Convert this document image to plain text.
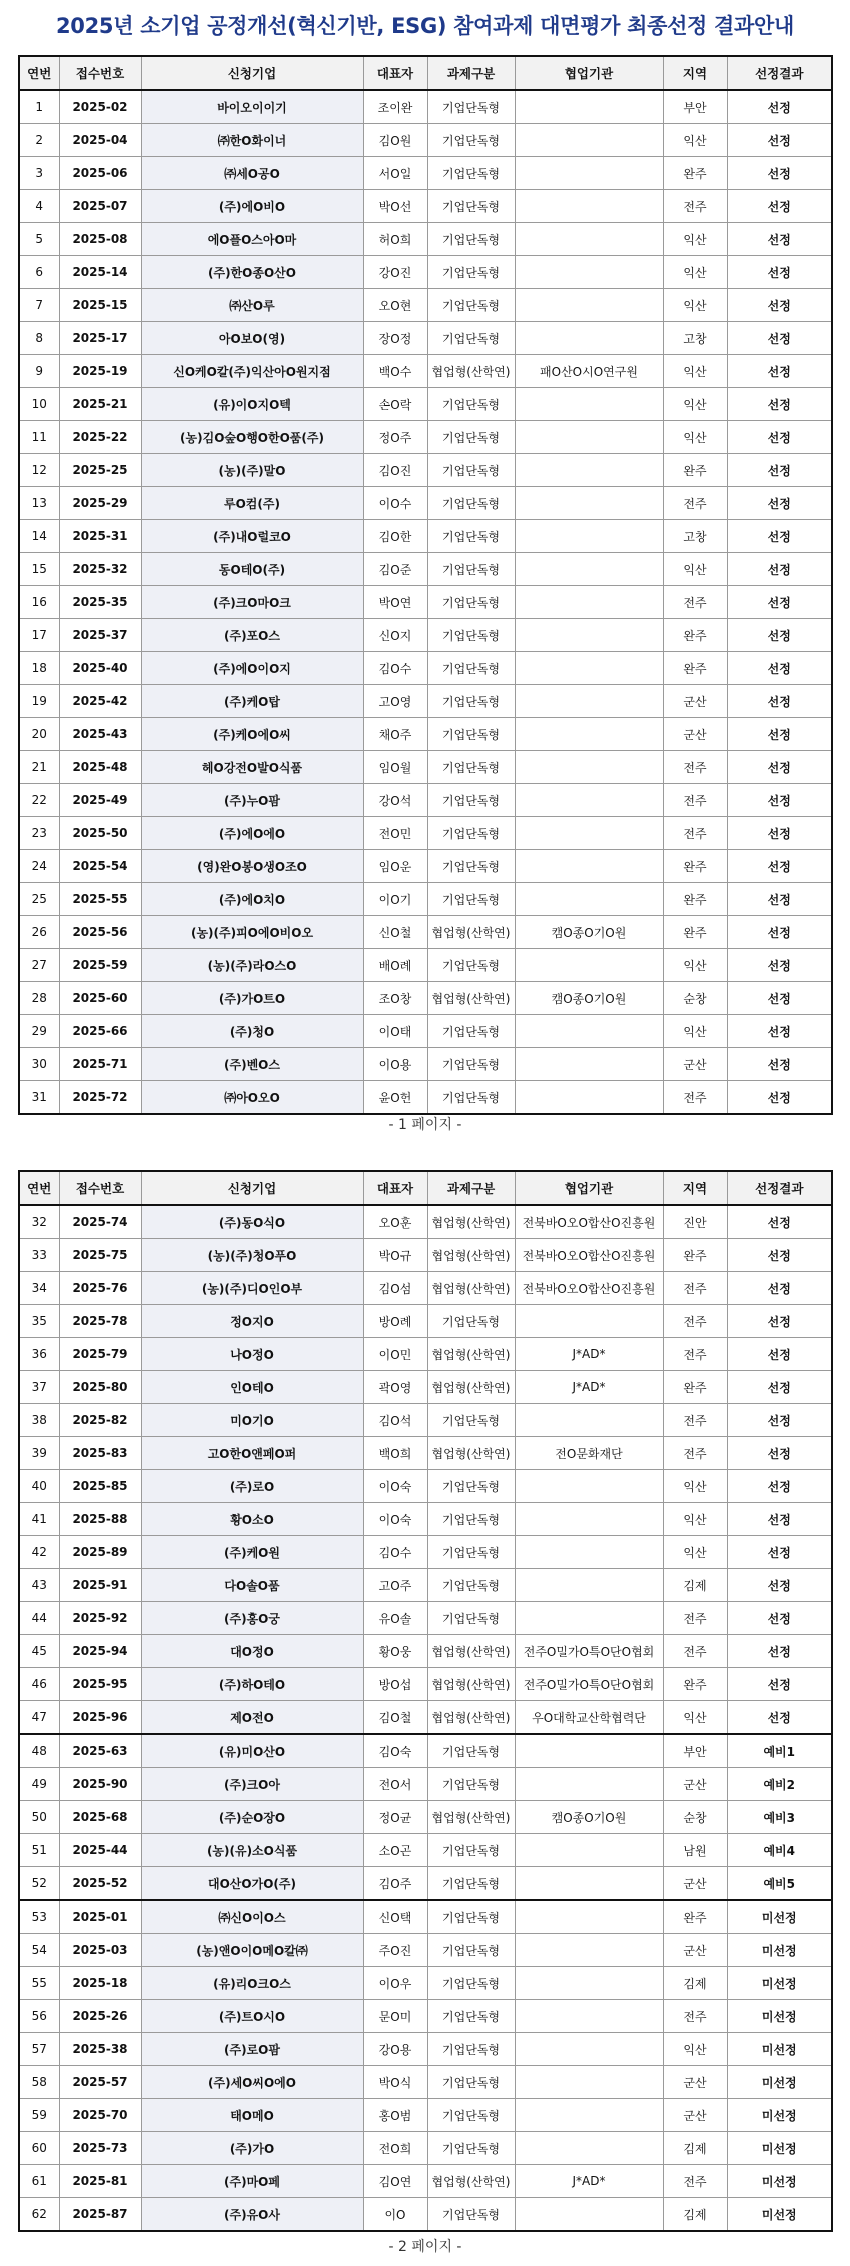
2025년 소기업 공정개선(혁신기반, ESG) 참여과제 대면평가 최종선정 결과안내
연번	접수번호	신청기업	대표자	과제구분	협업기관	지역	선정결과
1	2025-02	바이오이이기	조이완	기업단독형		부안	선정
2	2025-04	㈜한O화이너	김O원	기업단독형		익산	선정
3	2025-06	㈜세O공O	서O일	기업단독형		완주	선정
4	2025-07	(주)에O비O	박O선	기업단독형		전주	선정
5	2025-08	에O플O스아O마	허O희	기업단독형		익산	선정
6	2025-14	(주)한O종O산O	강O진	기업단독형		익산	선정
7	2025-15	㈜산O루	오O현	기업단독형		익산	선정
8	2025-17	아O보O(영)	장O정	기업단독형		고창	선정
9	2025-19	신O케O칼(주)익산아O원지점	백O수	협업형(산학연)	패O산O시O연구원	익산	선정
10	2025-21	(유)이O지O텍	손O락	기업단독형		익산	선정
11	2025-22	(농)김O숲O행O한O품(주)	정O주	기업단독형		익산	선정
12	2025-25	(농)(주)말O	김O진	기업단독형		완주	선정
13	2025-29	루O컴(주)	이O수	기업단독형		전주	선정
14	2025-31	(주)내O럴코O	김O한	기업단독형		고창	선정
15	2025-32	동O테O(주)	김O준	기업단독형		익산	선정
16	2025-35	(주)크O마O크	박O연	기업단독형		전주	선정
17	2025-37	(주)포O스	신O지	기업단독형		완주	선정
18	2025-40	(주)에O이O지	김O수	기업단독형		완주	선정
19	2025-42	(주)케O탑	고O영	기업단독형		군산	선정
20	2025-43	(주)케O에O씨	채O주	기업단독형		군산	선정
21	2025-48	헤O강전O발O식품	임O월	기업단독형		전주	선정
22	2025-49	(주)누O팜	강O석	기업단독형		전주	선정
23	2025-50	(주)에O에O	전O민	기업단독형		전주	선정
24	2025-54	(영)완O봉O생O조O	임O운	기업단독형		완주	선정
25	2025-55	(주)에O치O	이O기	기업단독형		완주	선정
26	2025-56	(농)(주)피O에O비O오	신O철	협업형(산학연)	캠O종O기O원	완주	선정
27	2025-59	(농)(주)라O스O	배O례	기업단독형		익산	선정
28	2025-60	(주)가O트O	조O창	협업형(산학연)	캠O종O기O원	순창	선정
29	2025-66	(주)청O	이O태	기업단독형		익산	선정
30	2025-71	(주)벤O스	이O용	기업단독형		군산	선정
31	2025-72	㈜아O오O	윤O헌	기업단독형		전주	선정
- 1 페이지 -
연번	접수번호	신청기업	대표자	과제구분	협업기관	지역	선정결과
32	2025-74	(주)동O식O	오O훈	협업형(산학연)	전북바O오O합산O진흥원	진안	선정
33	2025-75	(농)(주)청O푸O	박O규	협업형(산학연)	전북바O오O합산O진흥원	완주	선정
34	2025-76	(농)(주)디O인O부	김O섬	협업형(산학연)	전북바O오O합산O진흥원	전주	선정
35	2025-78	정O지O	방O례	기업단독형		전주	선정
36	2025-79	나O정O	이O민	협업형(산학연)	J*AD*	전주	선정
37	2025-80	인O테O	곽O영	협업형(산학연)	J*AD*	완주	선정
38	2025-82	미O기O	김O석	기업단독형		전주	선정
39	2025-83	고O한O앤페O퍼	백O희	협업형(산학연)	전O문화재단	전주	선정
40	2025-85	(주)로O	이O숙	기업단독형		익산	선정
41	2025-88	황O소O	이O숙	기업단독형		익산	선정
42	2025-89	(주)케O원	김O수	기업단독형		익산	선정
43	2025-91	다O솔O품	고O주	기업단독형		김제	선정
44	2025-92	(주)홍O궁	유O솔	기업단독형		전주	선정
45	2025-94	대O정O	황O웅	협업형(산학연)	전주O밀가O특O단O협회	전주	선정
46	2025-95	(주)하O테O	방O섭	협업형(산학연)	전주O밀가O특O단O협회	완주	선정
47	2025-96	제O전O	김O철	협업형(산학연)	우O대학교산학협력단	익산	선정
48	2025-63	(유)미O산O	김O숙	기업단독형		부안	예비1
49	2025-90	(주)크O아	전O서	기업단독형		군산	예비2
50	2025-68	(주)순O장O	정O균	협업형(산학연)	캠O종O기O원	순창	예비3
51	2025-44	(농)(유)소O식품	소O곤	기업단독형		남원	예비4
52	2025-52	대O산O가O(주)	김O주	기업단독형		군산	예비5
53	2025-01	㈜신O이O스	신O택	기업단독형		완주	미선정
54	2025-03	(농)앤O이O메O칼㈜	주O진	기업단독형		군산	미선정
55	2025-18	(유)리O크O스	이O우	기업단독형		김제	미선정
56	2025-26	(주)트O시O	문O미	기업단독형		전주	미선정
57	2025-38	(주)로O팜	강O용	기업단독형		익산	미선정
58	2025-57	(주)세O씨O에O	박O식	기업단독형		군산	미선정
59	2025-70	태O메O	홍O범	기업단독형		군산	미선정
60	2025-73	(주)가O	전O희	기업단독형		김제	미선정
61	2025-81	(주)마O페	김O연	협업형(산학연)	J*AD*	전주	미선정
62	2025-87	(주)유O사	이O	기업단독형		김제	미선정
- 2 페이지 -
